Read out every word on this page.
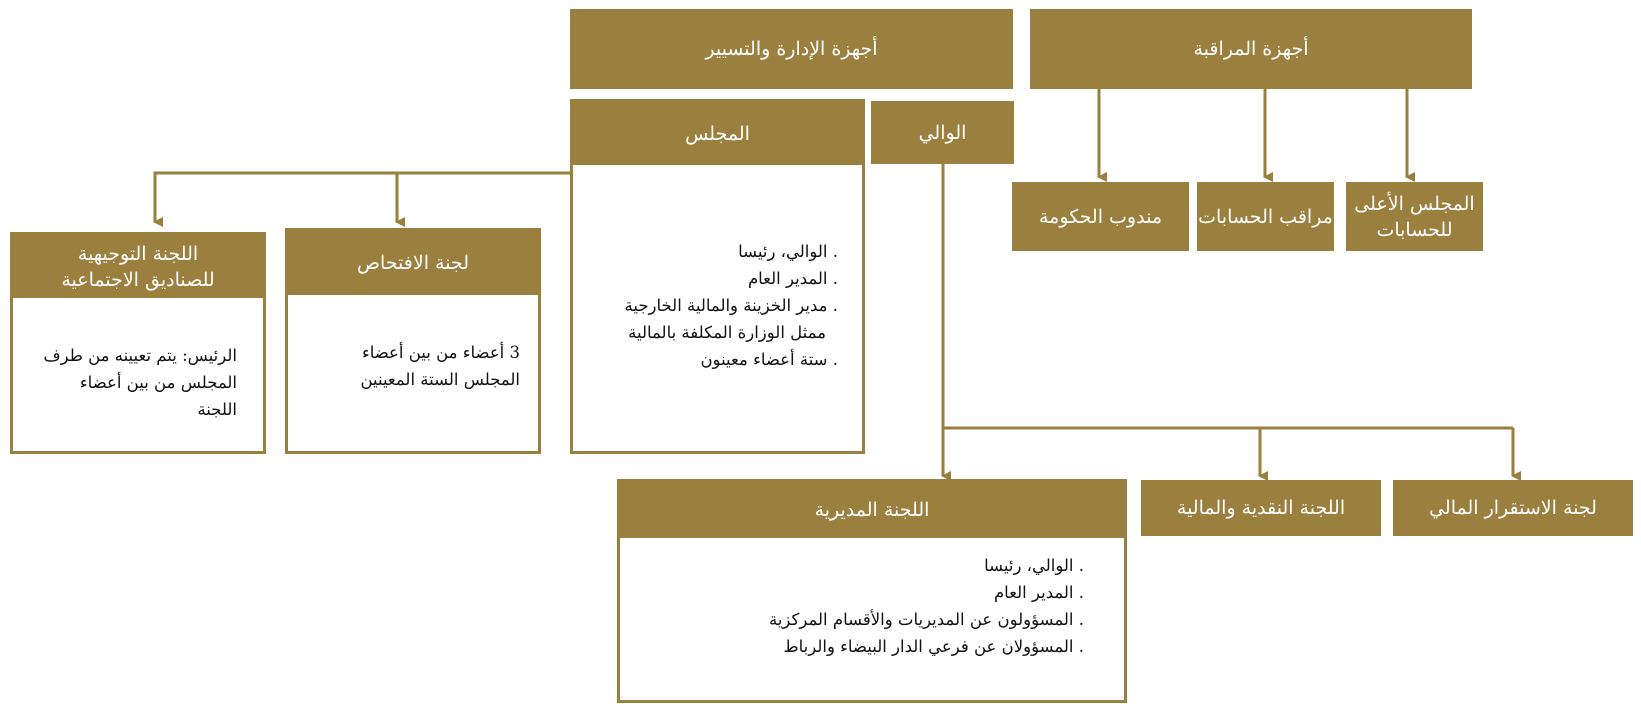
أجهزة المراقبة
أجهزة الإدارة والتسيير
المجلس الأعلى للحسابات
مراقب الحسابات
مندوب الحكومة
الوالي
المجلس
. الوالي، رئيسا
. المدير العام
. مدير الخزينة والمالية الخارجية
ممثل الوزارة المكلفة بالمالية
. ستة أعضاء معينون
لجنة الافتحاص
3 أعضاء من بين أعضاء المجلس الستة المعينين
اللجنة التوجيهية للصناديق الاجتماعية
الرئيس: يتم تعيينه من طرف المجلس من بين أعضاء اللجنة
لجنة الاستقرار المالي
اللجنة النقدية والمالية
اللجنة المديرية
. الوالي، رئيسا
. المدير العام
. المسؤولون عن المديريات والأقسام المركزية
. المسؤولان عن فرعي الدار البيضاء والرباط
